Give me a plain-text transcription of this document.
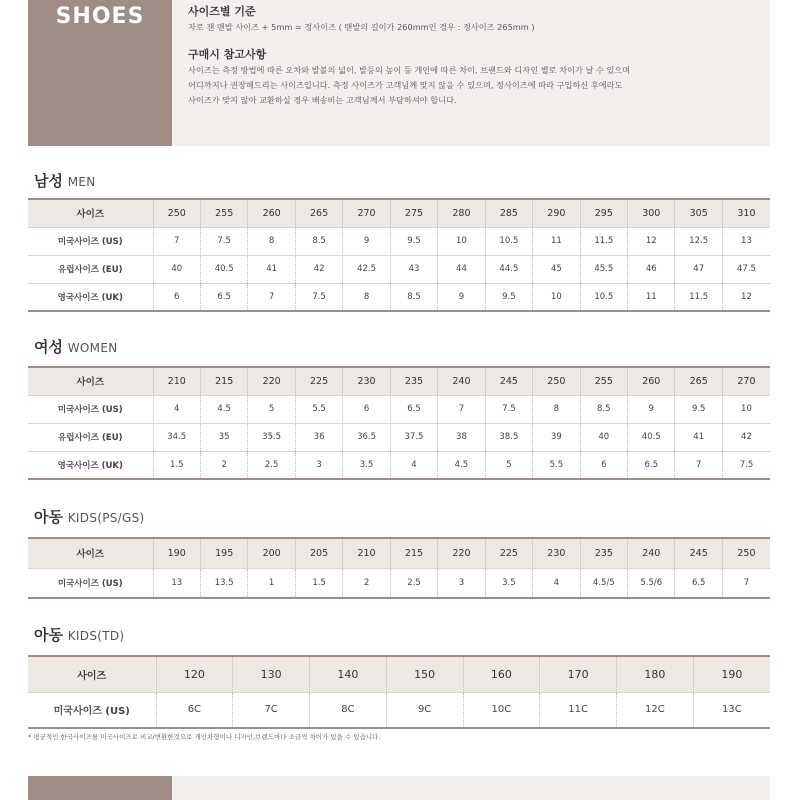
SHOES	사이즈별 기준

자로 잰 맨발 사이즈 + 5mm = 정사이즈 ( 맨발의 길이가 260mm인 경우 : 정사이즈 265mm )

구매시 참고사항

사이즈는 측정 방법에 따른 오차와 발볼의 넓이, 발등의 높이 등 개인에 따른 차이, 브랜드와 디자인 별로 차이가 날 수 있으며

어디까지나 권장해드리는 사이즈입니다. 측정 사이즈가 고객님께 맞지 않을 수 있으며, 정사이즈에 따라 구입하신 후에라도

사이즈가 맞지 않아 교환하실 경우 배송비는 고객님께서 부담하셔야 합니다.

남성 MEN
사이즈	250	255	260	265	270	275	280	285	290	295	300	305	310
미국사이즈 (US)	7	7.5	8	8.5	9	9.5	10	10.5	11	11.5	12	12.5	13
유럽사이즈 (EU)	40	40.5	41	42	42.5	43	44	44.5	45	45.5	46	47	47.5
영국사이즈 (UK)	6	6.5	7	7.5	8	8.5	9	9.5	10	10.5	11	11.5	12
여성 WOMEN
사이즈	210	215	220	225	230	235	240	245	250	255	260	265	270
미국사이즈 (US)	4	4.5	5	5.5	6	6.5	7	7.5	8	8.5	9	9.5	10
유럽사이즈 (EU)	34.5	35	35.5	36	36.5	37.5	38	38.5	39	40	40.5	41	42
영국사이즈 (UK)	1.5	2	2.5	3	3.5	4	4.5	5	5.5	6	6.5	7	7.5
아동 KIDS(PS/GS)
사이즈	190	195	200	205	210	215	220	225	230	235	240	245	250
미국사이즈 (US)	13	13.5	1	1.5	2	2.5	3	3.5	4	4.5/5	5.5/6	6.5	7
아동 KIDS(TD)
사이즈	120	130	140	150	160	170	180	190
미국사이즈 (US)	6C	7C	8C	9C	10C	11C	12C	13C
* 평균적인 한국사이즈를 미국사이즈로 비교/변환한것으로 개인차형이나 디자인,브랜드마다 조금씩 차이가 있을 수 있습니다.
